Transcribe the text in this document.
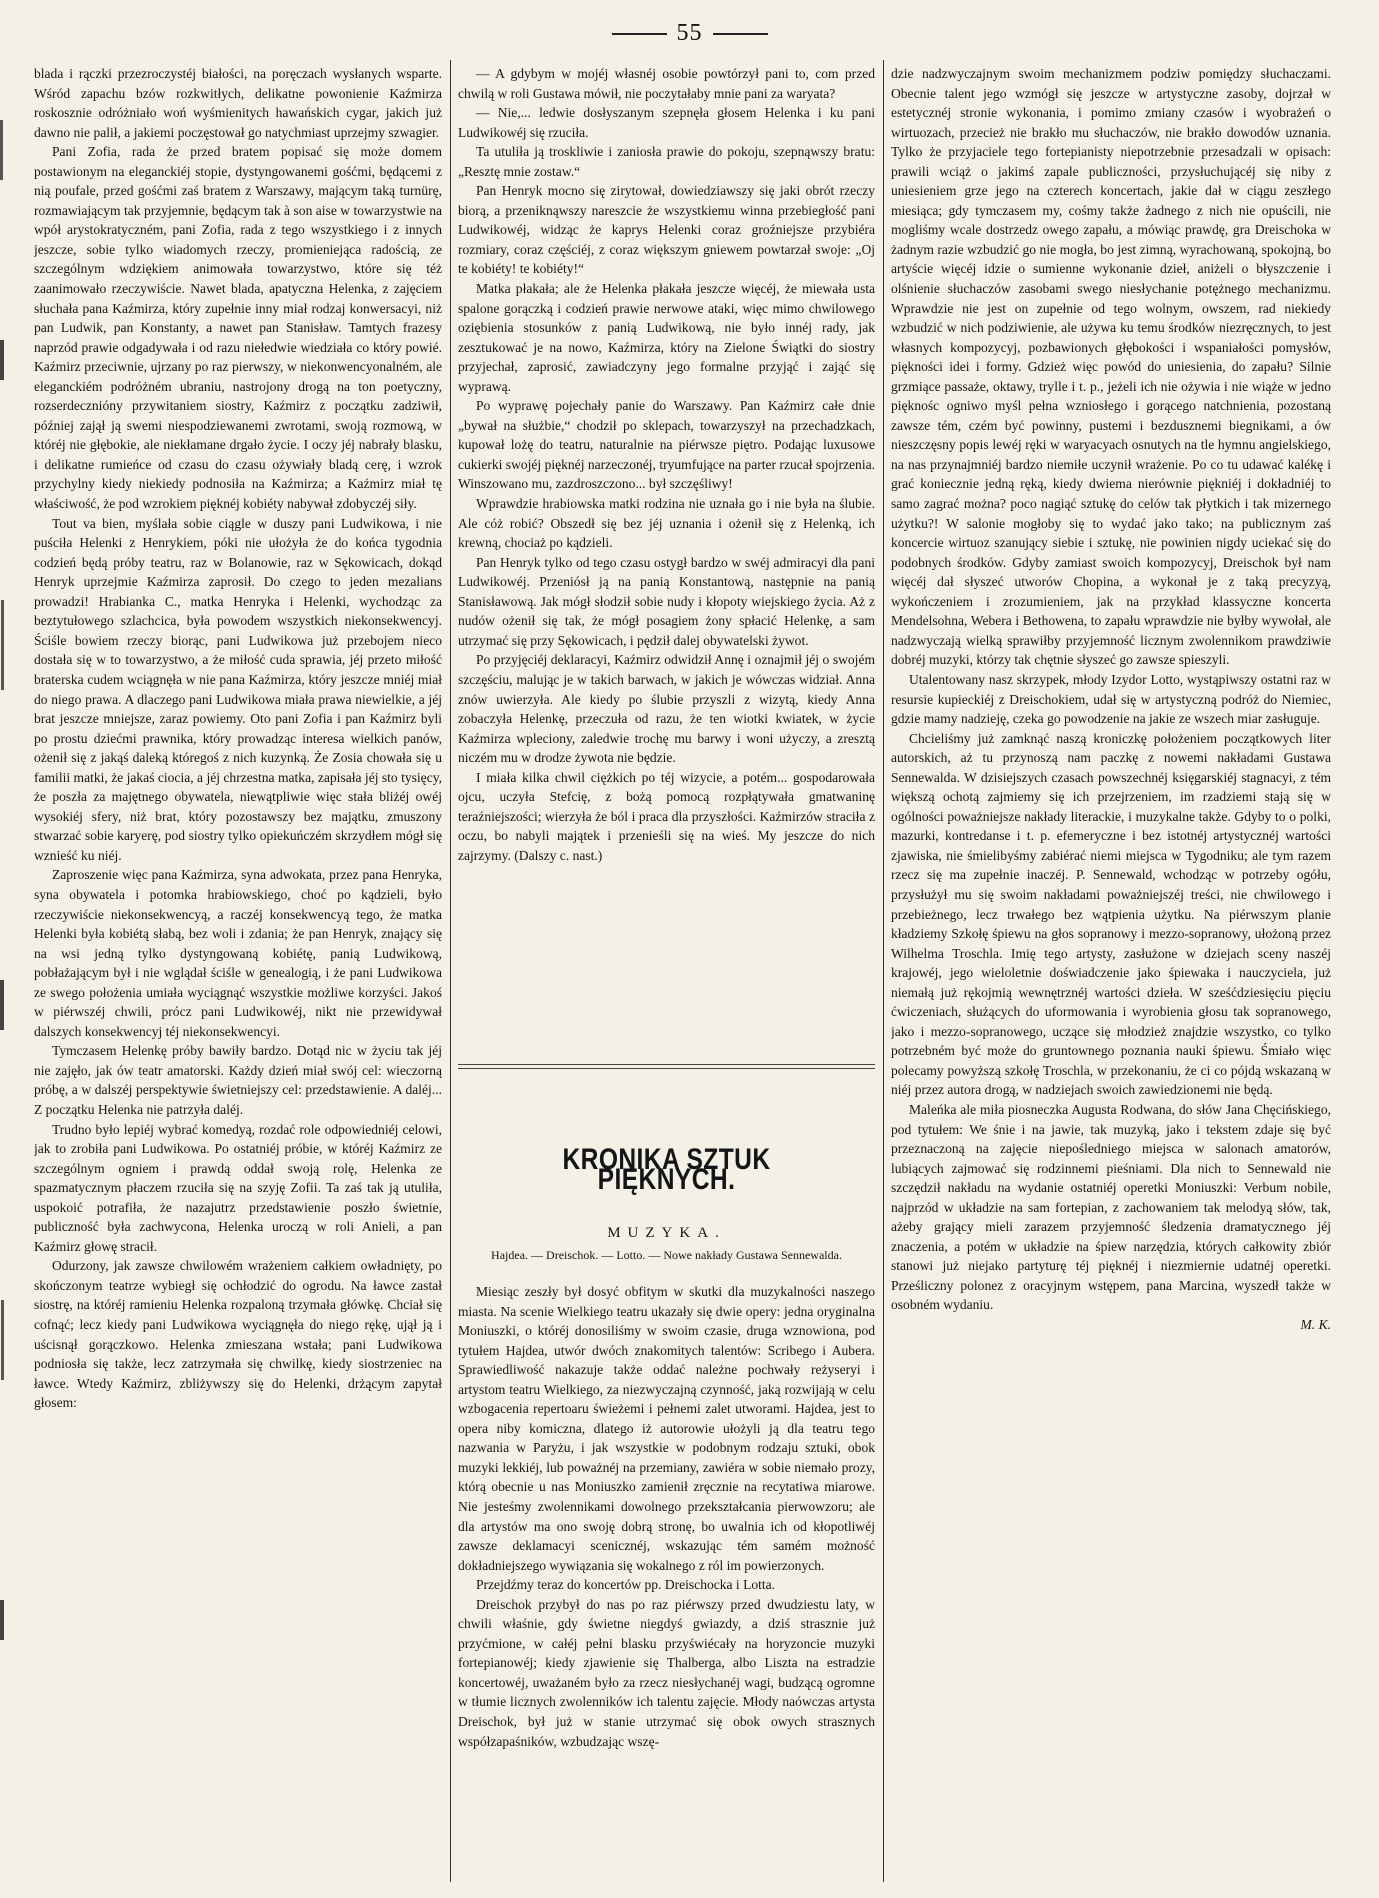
55

blada i rączki przezroczystéj białości, na poręczach wysłanych wsparte. Wśród zapachu bzów rozkwitłych, delikatne powonienie Kaźmirza roskosznie odróżniało woń wyśmienitych hawańskich cygar, jakich już dawno nie palił, a jakiemi poczęstował go natychmiast uprzejmy szwagier.

Pani Zofia, rada że przed bratem popisać się może domem postawionym na eleganckiéj stopie, dystyngowanemi gośćmi, będącemi z nią poufale, przed gośćmi zaś bratem z Warszawy, mającym taką turnürę, rozmawiającym tak przyjemnie, będącym tak à son aise w towarzystwie na wpół arystokratyczném, pani Zofia, rada z tego wszystkiego i z innych jeszcze, sobie tylko wiadomych rzeczy, promieniejąca radością, ze szczególnym wdziękiem animowała towarzystwo, które się téż zaanimowało rzeczywiście. Nawet blada, apatyczna Helenka, z zajęciem słuchała pana Kaźmirza, który zupełnie inny miał rodzaj konwersacyi, niż pan Ludwik, pan Konstanty, a nawet pan Stanisław. Tamtych frazesy naprzód prawie odgadywała i od razu niełedwie wiedziała co który powié. Kaźmirz przeciwnie, ujrzany po raz pierwszy, w niekonwencyonalném, ale eleganckiém podróżném ubraniu, nastrojony drogą na ton poetyczny, rozserdecznióny przywitaniem siostry, Kaźmirz z początku zadziwił, później zajął ją swemi niespodziewanemi zwrotami, swoją rozmową, w któréj nie głębokie, ale niekłamane drgało życie. I oczy jéj nabrały blasku, i delikatne rumieńce od czasu do czasu ożywiały bladą cerę, i wzrok przychylny kiedy niekiedy podnosiła na Kaźmirza; a Kaźmirz miał tę właściwość, że pod wzrokiem pięknéj kobiéty nabywał zdobyczéj siły.

Tout va bien, myślała sobie ciągle w duszy pani Ludwikowa, i nie puściła Helenki z Henrykiem, póki nie ułożyła że do końca tygodnia codzień będą próby teatru, raz w Bolanowie, raz w Sękowicach, dokąd Henryk uprzejmie Kaźmirza zaprosił. Do czego to jeden mezalians prowadzi! Hrabianka C., matka Henryka i Helenki, wychodząc za beztytułowego szlachcica, była powodem wszystkich niekonsekwencyj. Ściśle bowiem rzeczy biorąc, pani Ludwikowa już przebojem nieco dostała się w to towarzystwo, a że miłość cuda sprawia, jéj przeto miłość braterska cudem wciągnęła w nie pana Kaźmirza, który jeszcze mniéj miał do niego prawa. A dlaczego pani Ludwikowa miała prawa niewielkie, a jéj brat jeszcze mniejsze, zaraz powiemy. Oto pani Zofia i pan Kaźmirz byli po prostu dziećmi prawnika, który prowadząc interesa wielkich panów, ożenił się z jakąś daleką któregoś z nich kuzynką. Że Zosia chowała się u familii matki, że jakaś ciocia, a jéj chrzestna matka, zapisała jéj sto tysięcy, że poszła za majętnego obywatela, niewątpliwie więc stała bliżéj owéj wysokiéj sfery, niż brat, który pozostawszy bez majątku, zmuszony stwarzać sobie karyerę, pod siostry tylko opiekuńczém skrzydłem mógł się wznieść ku niéj.

Zaproszenie więc pana Kaźmirza, syna adwokata, przez pana Henryka, syna obywatela i potomka hrabiowskiego, choć po kądzieli, było rzeczywiście niekonsekwencyą, a raczéj konsekwencyą tego, że matka Helenki była kobiétą słabą, bez woli i zdania; że pan Henryk, znający się na wsi jedną tylko dystyngowaną kobiétę, panią Ludwikową, pobłażającym był i nie wglądał ściśle w genealogią, i że pani Ludwikowa ze swego położenia umiała wyciągnąć wszystkie możliwe korzyści. Jakoś w piérwszéj chwili, prócz pani Ludwikowéj, nikt nie przewidywał dalszych konsekwencyj téj niekonsekwencyi.

Tymczasem Helenkę próby bawiły bardzo. Dotąd nic w życiu tak jéj nie zajęło, jak ów teatr amatorski. Każdy dzień miał swój cel: wieczorną próbę, a w dalszéj perspektywie świetniejszy cel: przedstawienie. A daléj... Z początku Helenka nie patrzyła daléj.

Trudno było lepiéj wybrać komedyą, rozdać role odpowiedniéj celowi, jak to zrobiła pani Ludwikowa. Po ostatniéj próbie, w któréj Kaźmirz ze szczególnym ogniem i prawdą oddał swoją rolę, Helenka ze spazmatycznym płaczem rzuciła się na szyję Zofii. Ta zaś tak ją utuliła, uspokoić potrafiła, że nazajutrz przedstawienie poszło świetnie, publiczność była zachwycona, Helenka uroczą w roli Anieli, a pan Kaźmirz głowę stracił.

Odurzony, jak zawsze chwilowém wrażeniem całkiem owładnięty, po skończonym teatrze wybiegł się ochłodzić do ogrodu. Na ławce zastał siostrę, na któréj ramieniu Helenka rozpaloną trzymała główkę. Chciał się cofnąć; lecz kiedy pani Ludwikowa wyciągnęła do niego rękę, ujął ją i uścisnął gorączkowo. Helenka zmieszana wstała; pani Ludwikowa podniosła się także, lecz zatrzymała się chwilkę, kiedy siostrzeniec na ławce. Wtedy Kaźmirz, zbliżywszy się do Helenki, drżącym zapytał głosem:

— A gdybym w mojéj własnéj osobie powtórzył pani to, com przed chwilą w roli Gustawa mówił, nie poczytałaby mnie pani za waryata?

— Nie,... ledwie dosłyszanym szepnęła głosem Helenka i ku pani Ludwikowéj się rzuciła.

Ta utuliła ją troskliwie i zaniosła prawie do pokoju, szepnąwszy bratu: „Resztę mnie zostaw.“

Pan Henryk mocno się zirytował, dowiedziawszy się jaki obrót rzeczy biorą, a przeniknąwszy nareszcie że wszystkiemu winna przebiegłość pani Ludwikowéj, widząc że kaprys Helenki coraz groźniejsze przybiéra rozmiary, coraz częściéj, z coraz większym gniewem powtarzał swoje: „Oj te kobiéty! te kobiéty!“

Matka płakała; ale że Helenka płakała jeszcze więcéj, że miewała usta spalone gorączką i codzień prawie nerwowe ataki, więc mimo chwilowego oziębienia stosunków z panią Ludwikową, nie było innéj rady, jak zesztukować je na nowo, Kaźmirza, który na Zielone Świątki do siostry przyjechał, zaprosić, zawiadczyny jego formalne przyjąć i zająć się wyprawą.

Po wyprawę pojechały panie do Warszawy. Pan Kaźmirz całe dnie „bywał na służbie,“ chodził po sklepach, towarzyszył na przechadzkach, kupował lożę do teatru, naturalnie na piérwsze piętro. Podając luxusowe cukierki swojéj pięknéj narzeczonéj, tryumfujące na parter rzucał spojrzenia. Winszowano mu, zazdroszczono... był szczęśliwy!

Wprawdzie hrabiowska matki rodzina nie uznała go i nie była na ślubie. Ale cóż robić? Obszedł się bez jéj uznania i ożenił się z Helenką, ich krewną, chociaż po kądzieli.

Pan Henryk tylko od tego czasu ostygł bardzo w swéj admiracyi dla pani Ludwikowéj. Przeniósł ją na panią Konstantową, następnie na panią Stanisławową. Jak mógł słodził sobie nudy i kłopoty wiejskiego życia. Aż z nudów ożenił się tak, że mógł posagiem żony spłacić Helenkę, a sam utrzymać się przy Sękowicach, i pędził dalej obywatelski żywot.

Po przyjęciéj deklaracyi, Kaźmirz odwidził Annę i oznajmił jéj o swojém szczęściu, malując je w takich barwach, w jakich je wówczas widział. Anna znów uwierzyła. Ale kiedy po ślubie przyszli z wizytą, kiedy Anna zobaczyła Helenkę, przeczuła od razu, że ten wiotki kwiatek, w życie Kaźmirza wpleciony, zaledwie trochę mu barwy i woni użyczy, a zresztą niczém mu w drodze żywota nie będzie.

I miała kilka chwil ciężkich po téj wizycie, a potém... gospodarowała ojcu, uczyła Stefcię, z bożą pomocą rozpłątywała gmatwaninę teraźniejszości; wierzyła że ból i praca dla przyszłości. Kaźmirzów straciła z oczu, bo nabyli majątek i przenieśli się na wieś. My jeszcze do nich zajrzymy. (Dalszy c. nast.)

KRONIKA SZTUK PIĘKNYCH.
MUZYKA.
Hajdea. — Dreischok. — Lotto. — Nowe nakłady Gustawa Sennewalda.

Miesiąc zeszły był dosyć obfitym w skutki dla muzykalności naszego miasta. Na scenie Wielkiego teatru ukazały się dwie opery: jedna oryginalna Moniuszki, o któréj donosiliśmy w swoim czasie, druga wznowiona, pod tytułem Hajdea, utwór dwóch znakomitych talentów: Scribego i Aubera. Sprawiedliwość nakazuje także oddać należne pochwały reżyseryi i artystom teatru Wielkiego, za niezwyczajną czynność, jaką rozwijają w celu wzbogacenia repertoaru świeżemi i pełnemi zalet utworami. Hajdea, jest to opera niby komiczna, dlatego iż autorowie ułożyli ją dla teatru tego nazwania w Paryżu, i jak wszystkie w podobnym rodzaju sztuki, obok muzyki lekkiéj, lub poważnéj na przemiany, zawiéra w sobie niemało prozy, którą obecnie u nas Moniuszko zamienił zręcznie na recytatiwa miarowe. Nie jesteśmy zwolennikami dowolnego przekształcania pierwowzoru; ale dla artystów ma ono swoję dobrą stronę, bo uwalnia ich od kłopotliwéj zawsze deklamacyi scenicznéj, wskazując tém samém możność dokładniejszego wywiązania się wokalnego z ról im powierzonych.

Przejdźmy teraz do koncertów pp. Dreischocka i Lotta.

Dreischok przybył do nas po raz piérwszy przed dwudziestu laty, w chwili właśnie, gdy świetne niegdyś gwiazdy, a dziś strasznie już przyćmione, w całéj pełni blasku przyświécały na horyzoncie muzyki fortepianowéj; kiedy zjawienie się Thalberga, albo Liszta na estradzie koncertowéj, uważaném było za rzecz niesłychanéj wagi, budzącą ogromne w tłumie licznych zwolenników ich talentu zajęcie. Młody naówczas artysta Dreischok, był już w stanie utrzymać się obok owych strasznych współzapaśników, wzbudzając wszę-

dzie nadzwyczajnym swoim mechanizmem podziw pomiędzy słuchaczami. Obecnie talent jego wzmógł się jeszcze w artystyczne zasoby, dojrzał w estetycznéj stronie wykonania, i pomimo zmiany czasów i wyobrażeń o wirtuozach, przecież nie brakło mu słuchaczów, nie brakło dowodów uznania. Tylko że przyjaciele tego fortepianisty niepotrzebnie przesadzali w opisach: prawili wciąż o jakimś zapale publiczności, przysłuchującéj się niby z uniesieniem grze jego na czterech koncertach, jakie dał w ciągu zeszłego miesiąca; gdy tymczasem my, cośmy także żadnego z nich nie opuścili, nie mogliśmy wcale dostrzedz owego zapału, a mówiąc prawdę, gra Dreischoka w żadnym razie wzbudzić go nie mogła, bo jest zimną, wyrachowaną, spokojną, bo artyście więcéj idzie o sumienne wykonanie dzieł, aniżeli o błyszczenie i olśnienie słuchaczów zasobami swego niesłychanie potężnego mechanizmu. Wprawdzie nie jest on zupełnie od tego wolnym, owszem, rad niekiedy wzbudzić w nich podziwienie, ale używa ku temu środków niezręcznych, to jest własnych kompozycyj, pozbawionych głębokości i wspaniałości pomysłów, piękności idei i formy. Gdzież więc powód do uniesienia, do zapału? Silnie grzmiące passaże, oktawy, trylle i t. p., jeżeli ich nie ożywia i nie wiąże w jedno pięknośc ogniwo myśl pełna wzniosłego i gorącego natchnienia, pozostaną zawsze tém, czém być powinny, pustemi i bezdusznemi biegnikami, a ów nieszczęsny popis lewéj ręki w waryacyach osnutych na tle hymnu angielskiego, na nas przynajmniéj bardzo niemiłe uczynił wrażenie. Po co tu udawać kalékę i grać koniecznie jedną ręką, kiedy dwiema nierównie piękniéj i dokładniéj to samo zagrać można? poco nagiąć sztukę do celów tak płytkich i tak mizernego użytku?! W salonie mogłoby się to wydać jako tako; na publicznym zaś koncercie wirtuoz szanujący siebie i sztukę, nie powinien nigdy uciekać się do podobnych środków. Gdyby zamiast swoich kompozycyj, Dreischok był nam więcéj dał słyszeć utworów Chopina, a wykonał je z taką precyzyą, wykończeniem i zrozumieniem, jak na przykład klassyczne koncerta Mendelsohna, Webera i Bethowena, to zapału wprawdzie nie byłby wywołał, ale nadzwyczają wielką sprawiłby przyjemność licznym zwolennikom prawdziwie dobréj muzyki, którzy tak chętnie słyszeć go zawsze spieszyli.

Utalentowany nasz skrzypek, młody Izydor Lotto, wystąpiwszy ostatni raz w resursie kupieckiéj z Dreischokiem, udał się w artystyczną podróż do Niemiec, gdzie mamy nadzieję, czeka go powodzenie na jakie ze wszech miar zasługuje.

Chcieliśmy już zamknąć naszą kroniczkę położeniem początkowych liter autorskich, aż tu przynoszą nam paczkę z nowemi nakładami Gustawa Sennewalda. W dzisiejszych czasach powszechnéj księgarskiéj stagnacyi, z tém większą ochotą zajmiemy się ich przejrzeniem, im rzadziemi stają się w ogólności poważniejsze nakłady literackie, i muzykalne także. Gdyby to o polki, mazurki, kontredanse i t. p. efemeryczne i bez istotnéj artystycznéj wartości zjawiska, nie śmielibyśmy zabiérać niemi miejsca w Tygodniku; ale tym razem rzecz się ma zupełnie inaczéj. P. Sennewald, wchodząc w potrzeby ogółu, przysłużył mu się swoim nakładami poważniejszéj treści, nie chwilowego i przebieżnego, lecz trwałego bez wątpienia użytku. Na piérwszym planie kładziemy Szkołę śpiewu na głos sopranowy i mezzo-sopranowy, ułożoną przez Wilhelma Troschla. Imię tego artysty, zasłużone w dziejach sceny naszéj krajowéj, jego wieloletnie doświadczenie jako śpiewaka i nauczyciela, już niemałą już rękojmią wewnętrznéj wartości dzieła. W sześćdziesięciu pięciu ćwiczeniach, służących do uformowania i wyrobienia głosu tak sopranowego, jako i mezzo-sopranowego, uczące się młodzież znajdzie wszystko, co tylko potrzebném być może do gruntownego poznania nauki śpiewu. Śmiało więc polecamy powyższą szkołę Troschla, w przekonaniu, że ci co pójdą wskazaną w niéj przez autora drogą, w nadziejach swoich zawiedzionemi nie będą.

Maleńka ale miła piosneczka Augusta Rodwana, do słów Jana Chęcińskiego, pod tytułem: We śnie i na jawie, tak muzyką, jako i tekstem zdaje się być przeznaczoną na zajęcie niepośledniego miejsca w salonach amatorów, lubiących zajmować się rodzinnemi pieśniami. Dla nich to Sennewald nie szczędził nakładu na wydanie ostatniéj operetki Moniuszki: Verbum nobile, najprzód w układzie na sam fortepian, z zachowaniem tak melodyą słów, tak, ażeby grający mieli zarazem przyjemność śledzenia dramatycznego jéj znaczenia, a potém w układzie na śpiew narzędzia, których całkowity zbiór stanowi już niejako partyturę téj pięknéj i niezmiernie udatnéj operetki. Prześliczny polonez z oracyjnym wstępem, pana Marcina, wyszedł także w osobném wydaniu.

M. K.
